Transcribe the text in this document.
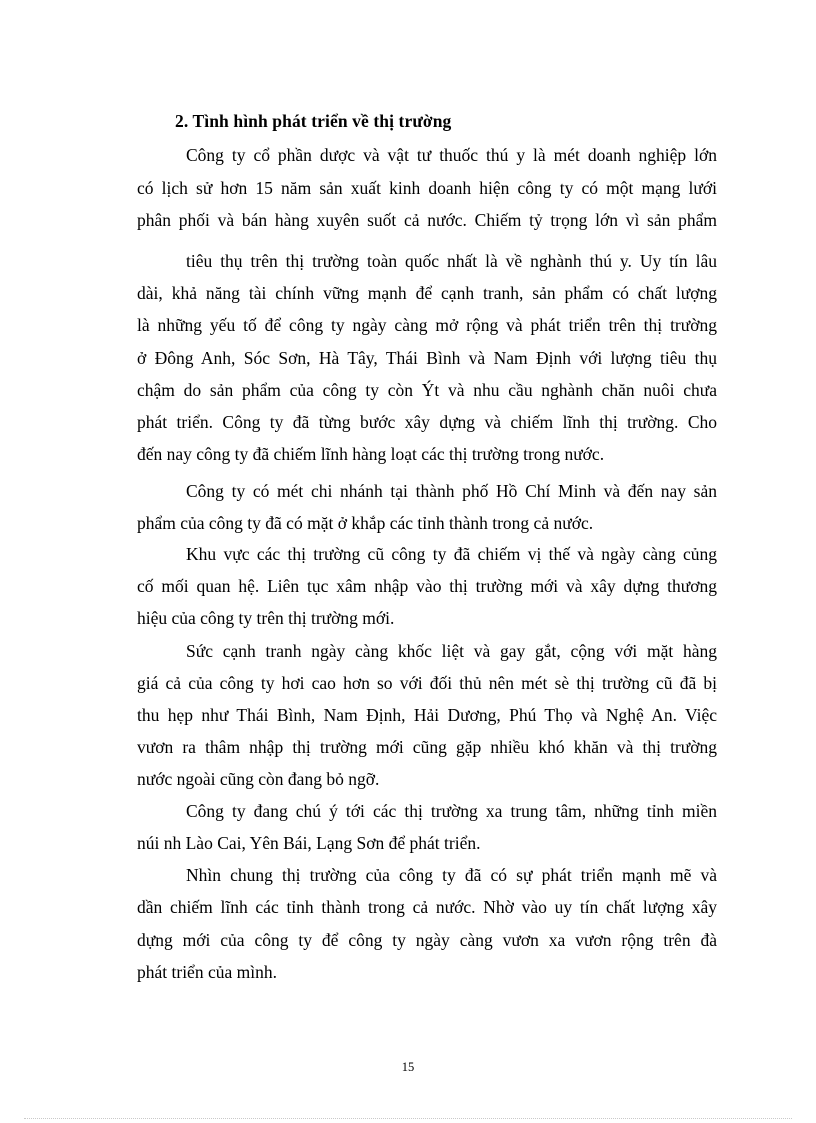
2. Tình hình phát triển về thị trường
Công ty cổ phần dược và vật tư thuốc thú y là mét doanh nghiệp lớn
có lịch sử hơn 15 năm sản xuất kinh doanh hiện công ty có một mạng lưới
phân phối và bán hàng xuyên suốt cả nước. Chiếm tỷ trọng lớn vì sản phẩm
tiêu thụ trên thị trường toàn quốc nhất là về nghành thú y. Uy tín lâu
dài, khả năng tài chính vững mạnh để cạnh tranh, sản phẩm có chất lượng
là những yếu tố để công ty ngày càng mở rộng và phát triển trên thị trường
ở Đông Anh, Sóc Sơn, Hà Tây, Thái Bình và Nam Định với lượng tiêu thụ
chậm do sản phẩm của công ty còn Ýt và nhu cầu nghành chăn nuôi chưa
phát triển. Công ty đã từng bước xây dựng và chiếm lĩnh thị trường. Cho
đến nay công ty đã chiếm lĩnh hàng loạt các thị trường trong nước.
Công ty có mét chi nhánh tại thành phố Hồ Chí Minh và đến nay sản
phẩm của công ty đã có mặt ở khắp các tỉnh thành trong cả nước.
Khu vực các thị trường cũ công ty đã chiếm vị thế và ngày càng củng
cố mối quan hệ. Liên tục xâm nhập vào thị trường mới và xây dựng thương
hiệu của công ty trên thị trường mới.
Sức cạnh tranh ngày càng khốc liệt và gay gắt, cộng với mặt hàng
giá cả của công ty hơi cao hơn so với đối thủ nên mét sè thị trường cũ đã bị
thu hẹp như Thái Bình, Nam Định, Hải Dương, Phú Thọ và Nghệ An. Việc
vươn ra thâm nhập thị trường mới cũng gặp nhiều khó khăn và thị trường
nước ngoài cũng còn đang bỏ ngỡ.
Công ty đang chú ý tới các thị trường xa trung tâm, những tỉnh miền
núi nh Lào Cai, Yên Bái, Lạng Sơn để phát triển.
Nhìn chung thị trường của công ty đã có sự phát triển mạnh mẽ và
dần chiếm lĩnh các tỉnh thành trong cả nước. Nhờ vào uy tín chất lượng xây
dựng mới của công ty để công ty ngày càng vươn xa vươn rộng trên đà
phát triển của mình.
15
